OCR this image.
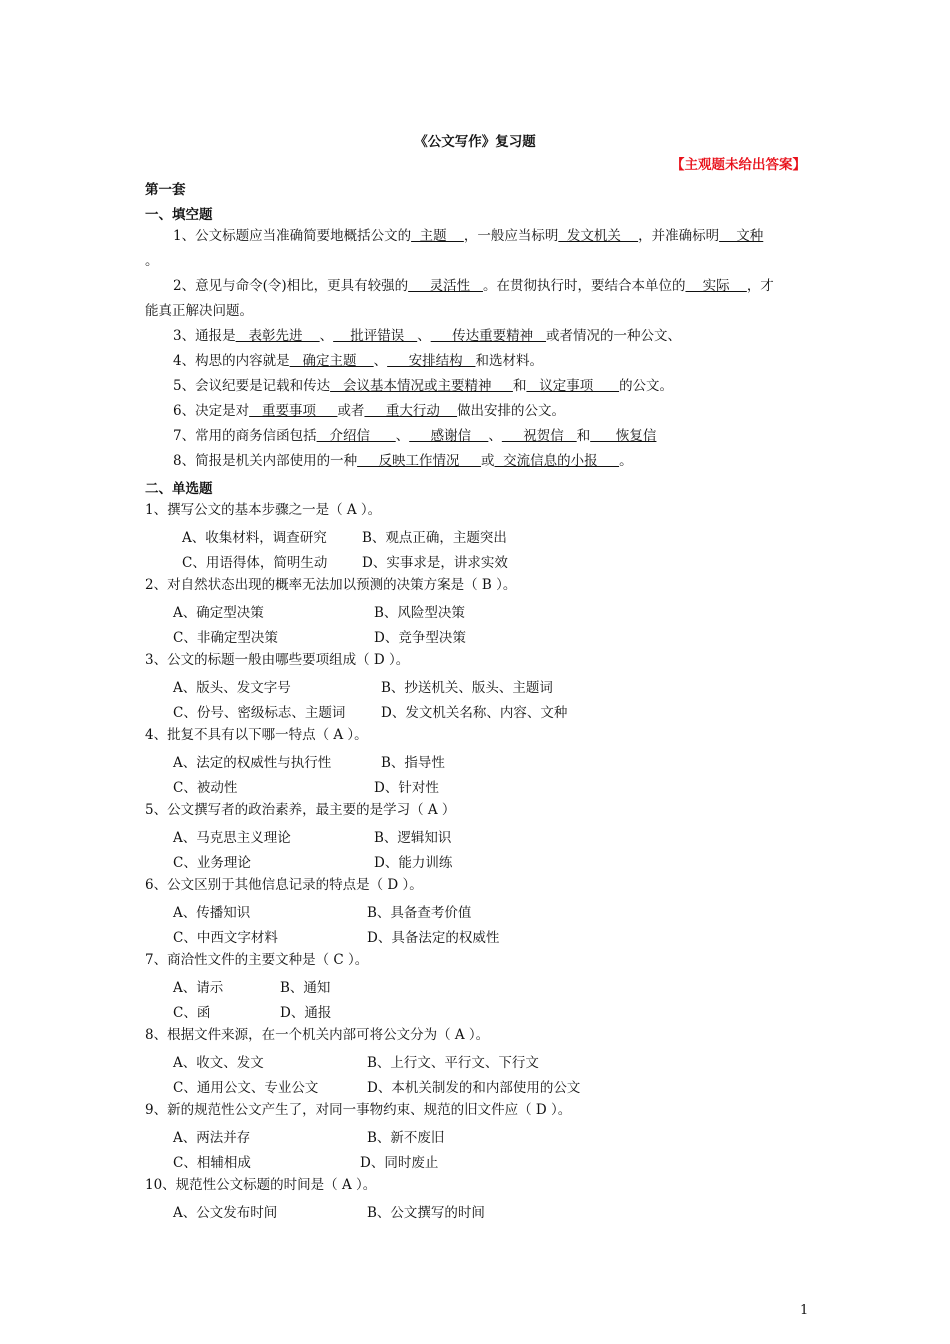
《公文写作》复习题
【主观题未给出答案】
第一套
一、填空题
1、公文标题应当准确简要地概括公文的  主题    ，一般应当标明  发文机关    ，并准确标明    文种
。
2、意见与命令(令)相比，更具有较强的     灵活性   。在贯彻执行时，要结合本单位的    实际    ，才
能真正解决问题。
3、通报是   表彰先进    、    批评错误   、     传达重要精神   或者情况的一种公文、
4、构思的内容就是   确定主题    、     安排结构   和选材料。
5、会议纪要是记载和传达   会议基本情况或主要精神     和   议定事项      的公文。
6、决定是对   重要事项     或者     重大行动    做出安排的公文。
7、常用的商务信函包括   介绍信      、     感谢信    、     祝贺信   和      恢复信
8、简报是机关内部使用的一种     反映工作情况     或  交流信息的小报     。
二、单选题
1、撰写公文的基本步骤之一是（ A ）。
A、收集材料，调查研究	B、观点正确，主题突出
C、用语得体，简明生动	D、实事求是，讲求实效
2、对自然状态出现的概率无法加以预测的决策方案是（ B ）。
A、确定型决策	B、风险型决策
C、非确定型决策	D、竞争型决策
3、公文的标题一般由哪些要项组成（ D ）。
A、版头、发文字号	B、抄送机关、版头、主题词
C、份号、密级标志、主题词	D、发文机关名称、内容、文种
4、批复不具有以下哪一特点（ A ）。
A、法定的权威性与执行性	B、指导性
C、被动性	D、针对性
5、公文撰写者的政治素养，最主要的是学习（ A ）
A、马克思主义理论	B、逻辑知识
C、业务理论	D、能力训练
6、公文区别于其他信息记录的特点是（ D ）。
A、传播知识	B、具备查考价值
C、中西文字材料	D、具备法定的权威性
7、商洽性文件的主要文种是（ C ）。
A、请示	B、通知
C、函	D、通报
8、根据文件来源，在一个机关内部可将公文分为（ A ）。
A、收文、发文	B、上行文、平行文、下行文
C、通用公文、专业公文	D、本机关制发的和内部使用的公文
9、新的规范性公文产生了，对同一事物约束、规范的旧文件应（ D ）。
A、两法并存	B、新不废旧
C、相辅相成	D、同时废止
10、规范性公文标题的时间是（ A ）。
A、公文发布时间	B、公文撰写的时间
1
